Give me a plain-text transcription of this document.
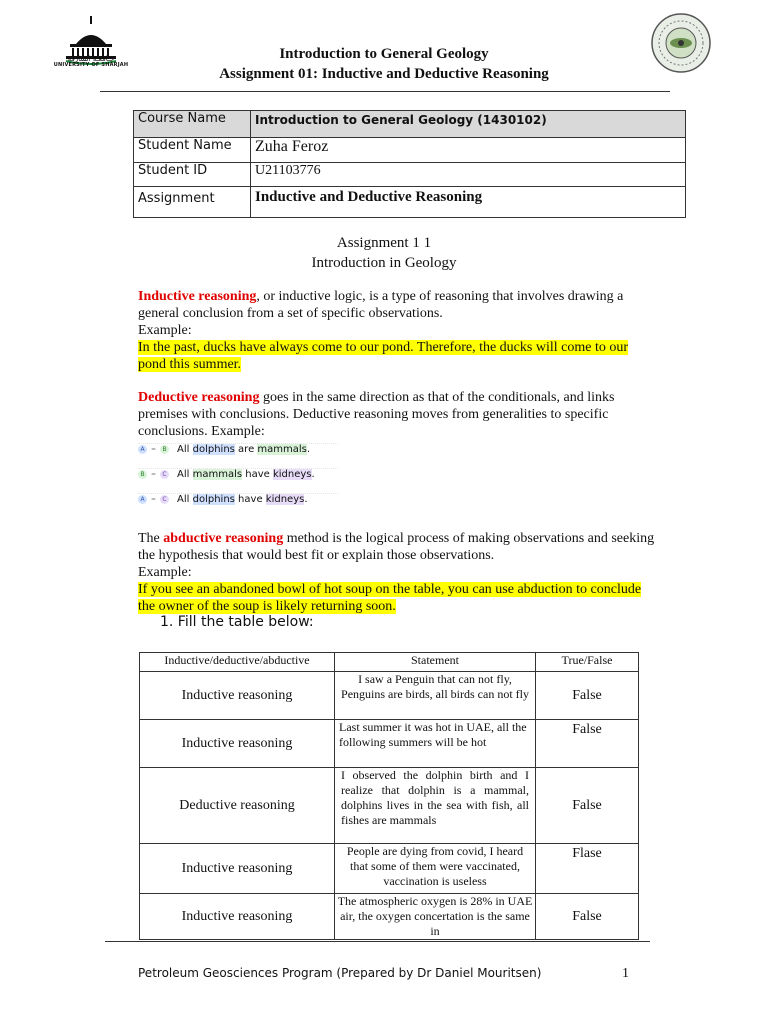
جـامعـة الشارقة
UNIVERSITY OF SHARJAH
Introduction to General Geology
Assignment 01: Inductive and Deductive Reasoning
Course Name	Introduction to General Geology (1430102)
Student Name	Zuha Feroz
Student ID	U21103776
Assignment	Inductive and Deductive Reasoning
Assignment 1 1
Introduction in Geology
Inductive reasoning, or inductive logic, is a type of reasoning that involves drawing a general conclusion from a set of specific observations.
Example:
In the past, ducks have always come to our pond. Therefore, the ducks will come to our pond this summer.
Deductive reasoning goes in the same direction as that of the conditionals, and links premises with conclusions. Deductive reasoning moves from generalities to specific conclusions. Example:
A = B All dolphins are mammals.
B = C All mammals have kidneys.
A = C All dolphins have kidneys.
The abductive reasoning method is the logical process of making observations and seeking the hypothesis that would best fit or explain those observations.
Example:
If you see an abandoned bowl of hot soup on the table, you can use abduction to conclude the owner of the soup is likely returning soon.
1. Fill the table below:
Inductive/deductive/abductive	Statement	True/False
Inductive reasoning	I saw a Penguin that can not fly, Penguins are birds, all birds can not fly	False
Inductive reasoning	Last summer it was hot in UAE, all the following summers will be hot	False
Deductive reasoning	I observed the dolphin birth and I realize that dolphin is a mammal, dolphins lives in the sea with fish, all fishes are mammals	False
Inductive reasoning	People are dying from covid, I heard that some of them were vaccinated, vaccination is useless	Flase
Inductive reasoning	The atmospheric oxygen is 28% in UAE air, the oxygen concertation is the same in	False
Petroleum Geosciences Program (Prepared by Dr Daniel Mouritsen)	1
